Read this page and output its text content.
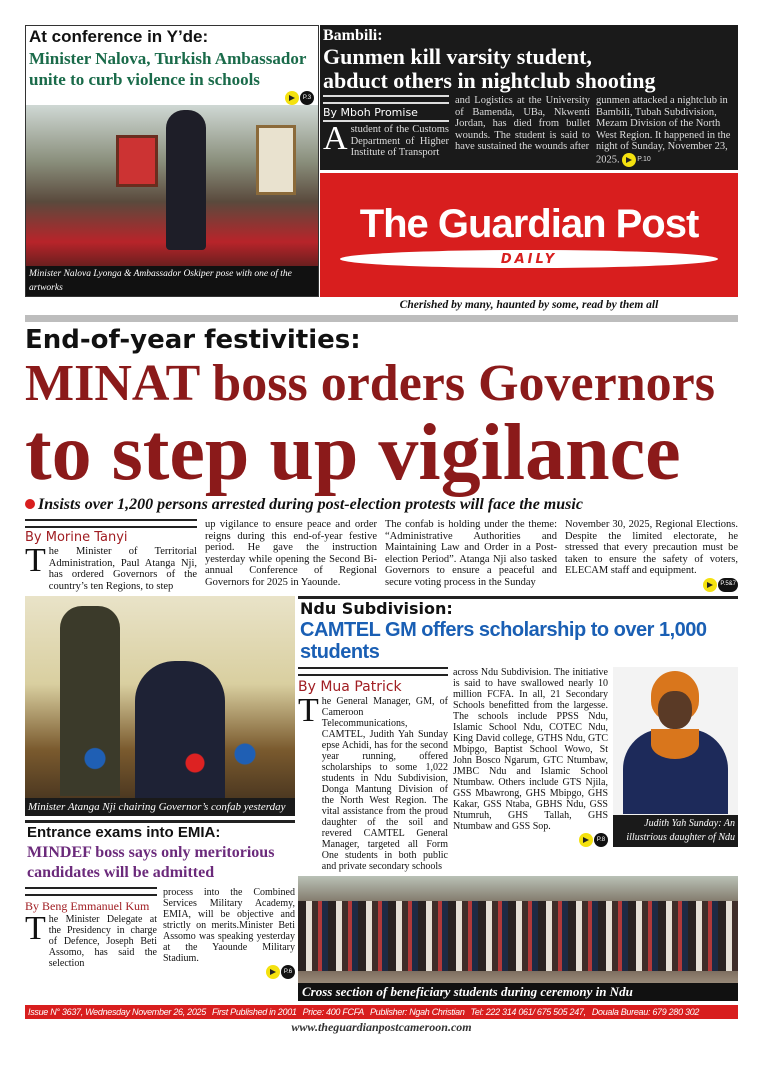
At conference in Y’de:
Minister Nalova, Turkish Ambassador
unite to curb violence in schools
P.3
Minister Nalova Lyonga & Ambassador Oskiper pose with one of the artworks
Bambili:
Gunmen kill varsity student,
abduct others in nightclub shooting
By Mboh Promise
A student of the Customs Department of Higher Institute of Transport
and Logistics at the University of Bamenda, UBa, Nkwenti Jordan, has died from bullet wounds. The student is said to have sustained the wounds after
gunmen attacked a nightclub in Bambili, Tubah Subdivision, Mezam Division of the North West Region. It happened in the night of Sunday, November 23, 2025.	P.10
The Guardian Post
DAILY
Cherished by many, haunted by some, read by them all
End-of-year festivities:
MINAT boss orders Governors
to step up vigilance
Insists over 1,200 persons arrested during post-election protests will face the music
By Morine Tanyi
T he Minister of Territorial Administration, Paul Atanga Nji, has ordered Governors of the country’s ten Regions, to step
up vigilance to ensure peace and order reigns during this end-of-year festive period. He gave the instruction yesterday while opening the Second Bi-annual Conference of Regional Governors for 2025 in Yaounde.
The confab is holding under the theme: “Administrative Authorities and Maintaining Law and Order in a Post-election Period”. Atanga Nji also tasked Governors to ensure a peaceful and secure voting process in the Sunday
November 30, 2025, Regional Elections. Despite the limited electorate, he stressed that every precaution must be taken to ensure the safety of voters, ELECAM staff and equipment.
P.5&7
Minister Atanga Nji chairing Governor’s confab yesterday
Entrance exams into EMIA:
MINDEF boss says only meritorious
candidates will be admitted
By Beng Emmanuel Kum
T he Minister Delegate at the Presidency in charge of Defence, Joseph Beti Assomo, has said the selection
process into the Combined Services Military Academy, EMIA, will be objective and strictly on merits.Minister Beti Assomo was speaking yesterday at the Yaounde Military Stadium.
P.6
Ndu Subdivision:
CAMTEL GM offers scholarship to over 1,000 students
By Mua Patrick
T he General Manager, GM, of Cameroon Telecommunications, CAMTEL, Judith Yah Sunday epse Achidi, has for the second year running, offered scholarships to some 1,022 students in Ndu Subdivision, Donga Mantung Division of the North West Region. The vital assistance from the proud daughter of the soil and revered CAMTEL General Manager, targeted all Form One students in both public and private secondary schools
across Ndu Subdivision. The initiative is said to have swallowed nearly 10 million FCFA. In all, 21 Secondary Schools benefitted from the largesse. The schools include PPSS Ndu, Islamic School Ndu, COTEC Ndu, King David college, GTHS Ndu, GTC Mbipgo, Baptist School Wowo, St John Bosco Ngarum, GTC Ntumbaw, JMBC Ndu and Islamic School Ntumbaw. Others include GTS Njila, GSS Mbawrong, GHS Mbipgo, GHS Kakar, GSS Ntaba, GBHS Ndu, GSS Ntumruh, GHS Tallah, GHS Ntumbaw and GSS Sop.
P.8
Judith Yah Sunday: An
illustrious daughter of Ndu
Cross section of beneficiary students during ceremony in Ndu
Issue N° 3637, Wednesday November 26, 2025 First Published in 2001 Price: 400 FCFA Publisher: Ngah Christian Tel: 222 314 061/ 675 505 247, Douala Bureau: 679 280 302
www.theguardianpostcameroon.com
